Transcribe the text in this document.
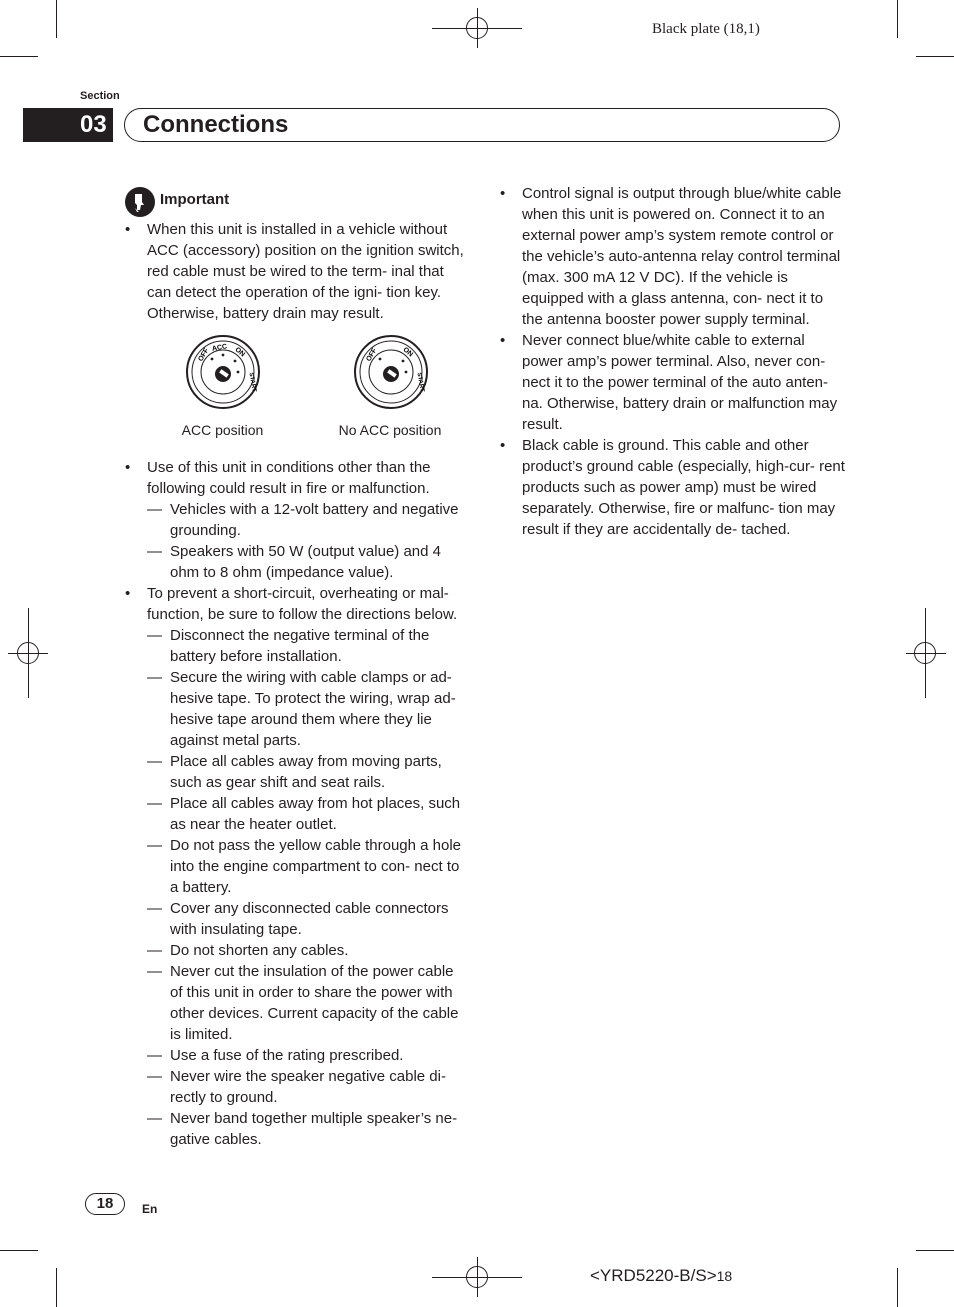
Black plate (18,1)
Section
03 Connections
Important
•	When this unit is installed in a vehicle without ACC (accessory) position on the ignition switch, red cable must be wired to the term- inal that can detect the operation of the igni- tion key. Otherwise, battery drain may result.
OFF ACC ON
START
ACC position
OFF	ON
START
No ACC position
•	Use of this unit in conditions other than the following could result in fire or malfunction.
— Vehicles with a 12-volt battery and negative grounding.
— Speakers with 50 W (output value) and 4 ohm to 8 ohm (impedance value).
•	To prevent a short-circuit, overheating or mal- function, be sure to follow the directions below.
— Disconnect the negative terminal of the battery before installation.
— Secure the wiring with cable clamps or ad- hesive tape. To protect the wiring, wrap ad- hesive tape around them where they lie against metal parts.
— Place all cables away from moving parts, such as gear shift and seat rails.
— Place all cables away from hot places, such as near the heater outlet.
— Do not pass the yellow cable through a hole into the engine compartment to con- nect to a battery.
— Cover any disconnected cable connectors with insulating tape.
— Do not shorten any cables.
— Never cut the insulation of the power cable of this unit in order to share the power with other devices. Current capacity of the cable is limited.
— Use a fuse of the rating prescribed.
— Never wire the speaker negative cable di- rectly to ground.
— Never band together multiple speaker’s ne- gative cables.
•	Control signal is output through blue/white cable when this unit is powered on. Connect it to an external power amp’s system remote control or the vehicle’s auto-antenna relay control terminal (max. 300 mA 12 V DC). If the vehicle is equipped with a glass antenna, con- nect it to the antenna booster power supply terminal.
•	Never connect blue/white cable to external power amp’s power terminal. Also, never con- nect it to the power terminal of the auto anten- na. Otherwise, battery drain or malfunction may result.
•	Black cable is ground. This cable and other product’s ground cable (especially, high-cur- rent products such as power amp) must be wired separately. Otherwise, fire or malfunc- tion may result if they are accidentally de- tached.
18	En
<YRD5220-B/S>18
